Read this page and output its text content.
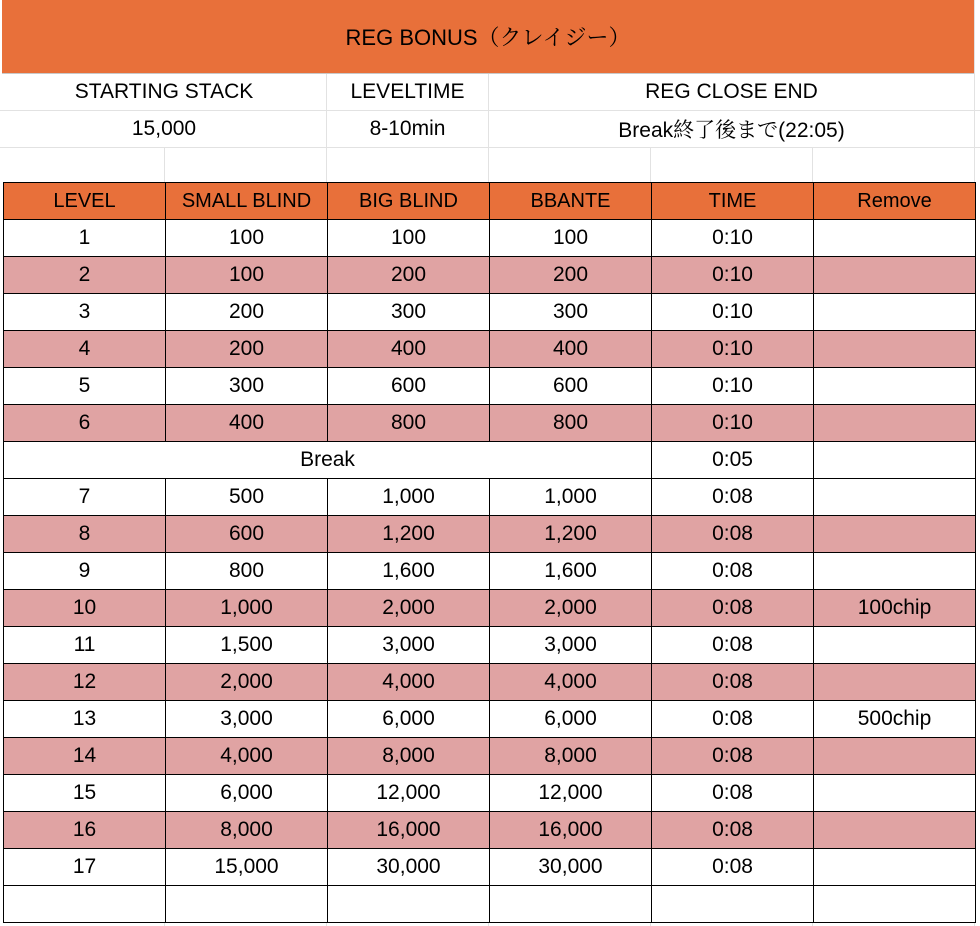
REG BONUS（クレイジー）
STARTING STACK	LEVELTIME	REG CLOSE END
15,000	8-10min	Break終了後まで(22:05)
LEVEL	SMALL BLIND	BIG BLIND	BBANTE	TIME	Remove
1	100	100	100	0:10
2	100	200	200	0:10
3	200	300	300	0:10
4	200	400	400	0:10
5	300	600	600	0:10
6	400	800	800	0:10
Break	0:05
7	500	1,000	1,000	0:08
8	600	1,200	1,200	0:08
9	800	1,600	1,600	0:08
10	1,000	2,000	2,000	0:08	100chip
11	1,500	3,000	3,000	0:08
12	2,000	4,000	4,000	0:08
13	3,000	6,000	6,000	0:08	500chip
14	4,000	8,000	8,000	0:08
15	6,000	12,000	12,000	0:08
16	8,000	16,000	16,000	0:08
17	15,000	30,000	30,000	0:08
